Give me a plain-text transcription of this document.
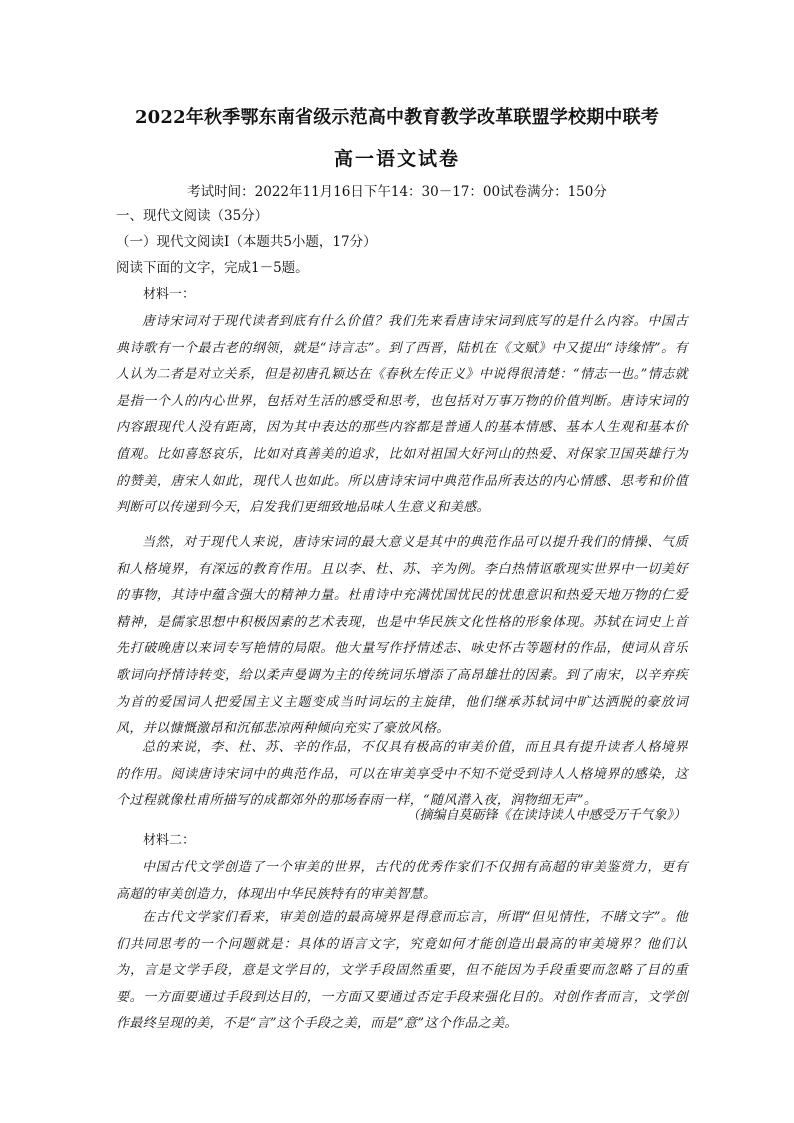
2022年秋季鄂东南省级示范高中教育教学改革联盟学校期中联考
高一语文试卷
考试时间：2022年11月16日下午14：30－17：00试卷满分：150分
一、现代文阅读（35分）
（一）现代文阅读Ⅰ（本题共5小题，17分）
阅读下面的文字，完成1－5题。
材料一：

唐诗宋词对于现代读者到底有什么价值？我们先来看唐诗宋词到底写的是什么内容。中国古典诗歌有一个最古老的纲领，就是“诗言志”。到了西晋，陆机在《文赋》中又提出“诗缘情”。有人认为二者是对立关系，但是初唐孔颖达在《春秋左传正义》中说得很清楚：“情志一也。”情志就是指一个人的内心世界，包括对生活的感受和思考，也包括对万事万物的价值判断。唐诗宋词的内容跟现代人没有距离，因为其中表达的那些内容都是普通人的基本情感、基本人生观和基本价值观。比如喜怒哀乐，比如对真善美的追求，比如对祖国大好河山的热爱、对保家卫国英雄行为的赞美，唐宋人如此，现代人也如此。所以唐诗宋词中典范作品所表达的内心情感、思考和价值判断可以传递到今天，启发我们更细致地品味人生意义和美感。

当然，对于现代人来说，唐诗宋词的最大意义是其中的典范作品可以提升我们的情操、气质和人格境界，有深远的教育作用。且以李、杜、苏、辛为例。李白热情讴歌现实世界中一切美好的事物，其诗中蕴含强大的精神力量。杜甫诗中充满忧国忧民的忧患意识和热爱天地万物的仁爱精神，是儒家思想中积极因素的艺术表现，也是中华民族文化性格的形象体现。苏轼在词史上首先打破晚唐以来词专写艳情的局限。他大量写作抒情述志、咏史怀古等题材的作品，使词从音乐歌词向抒情诗转变，给以柔声曼调为主的传统词乐增添了高昂雄壮的因素。到了南宋，以辛弃疾为首的爱国词人把爱国主义主题变成当时词坛的主旋律，他们继承苏轼词中旷达洒脱的豪放词风，并以慷慨激昂和沉郁悲凉两种倾向充实了豪放风格。

总的来说，李、杜、苏、辛的作品，不仅具有极高的审美价值，而且具有提升读者人格境界的作用。阅读唐诗宋词中的典范作品，可以在审美享受中不知不觉受到诗人人格境界的感染，这个过程就像杜甫所描写的成都郊外的那场春雨一样，“随风潜入夜，润物细无声”。

（摘编自莫砺锋《在读诗读人中感受万千气象》）
材料二：

中国古代文学创造了一个审美的世界，古代的优秀作家们不仅拥有高超的审美鉴赏力，更有高超的审美创造力，体现出中华民族特有的审美智慧。

在古代文学家们看来，审美创造的最高境界是得意而忘言，所谓“但见情性，不睹文字”。他们共同思考的一个问题就是：具体的语言文字，究竟如何才能创造出最高的审美境界？他们认为，言是文学手段，意是文学目的，文学手段固然重要，但不能因为手段重要而忽略了目的重要。一方面要通过手段到达目的，一方面又要通过否定手段来强化目的。对创作者而言，文学创作最终呈现的美，不是“言”这个手段之美，而是“意”这个作品之美。
